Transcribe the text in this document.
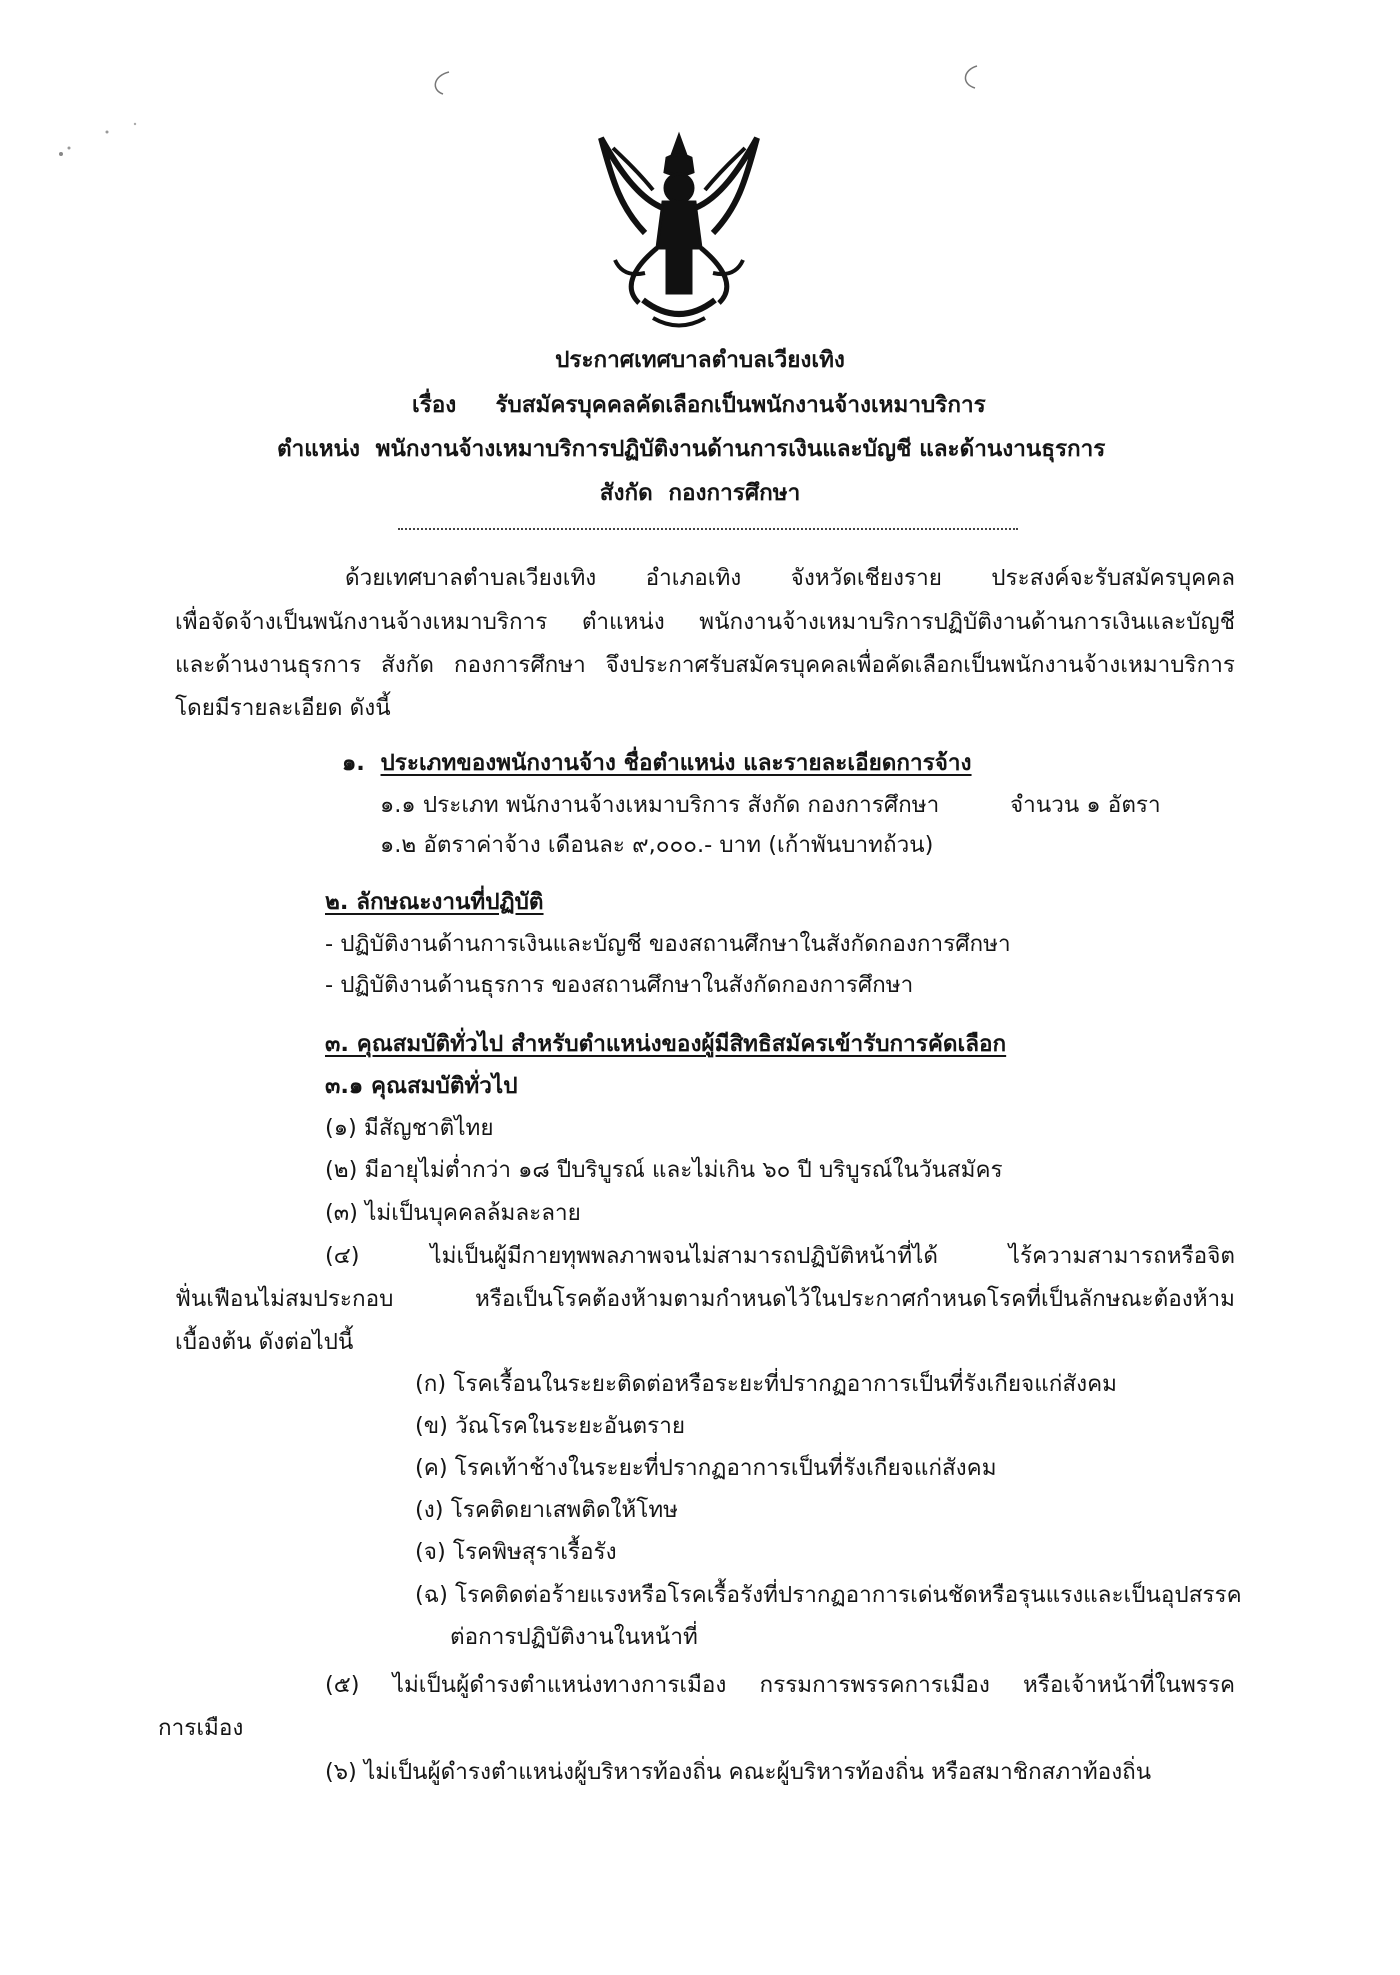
ประกาศเทศบาลตำบลเวียงเทิง
เรื่อง รับสมัครบุคคลคัดเลือกเป็นพนักงานจ้างเหมาบริการ
ตำแหน่ง พนักงานจ้างเหมาบริการปฏิบัติงานด้านการเงินและบัญชี และด้านงานธุรการ
สังกัด กองการศึกษา
ด้วยเทศบาลตำบลเวียงเทิง อำเภอเทิง จังหวัดเชียงราย ประสงค์จะรับสมัครบุคคล
เพื่อจัดจ้างเป็นพนักงานจ้างเหมาบริการ ตำแหน่ง พนักงานจ้างเหมาบริการปฏิบัติงานด้านการเงินและบัญชี
และด้านงานธุรการ สังกัด กองการศึกษา จึงประกาศรับสมัครบุคคลเพื่อคัดเลือกเป็นพนักงานจ้างเหมาบริการ
โดยมีรายละเอียด ดังนี้
๑. ประเภทของพนักงานจ้าง ชื่อตำแหน่ง และรายละเอียดการจ้าง
๑.๑ ประเภท พนักงานจ้างเหมาบริการ สังกัด กองการศึกษา	จำนวน ๑ อัตรา
๑.๒ อัตราค่าจ้าง เดือนละ ๙,๐๐๐.- บาท (เก้าพันบาทถ้วน)
๒. ลักษณะงานที่ปฏิบัติ
- ปฏิบัติงานด้านการเงินและบัญชี ของสถานศึกษาในสังกัดกองการศึกษา
- ปฏิบัติงานด้านธุรการ ของสถานศึกษาในสังกัดกองการศึกษา
๓. คุณสมบัติทั่วไป สำหรับตำแหน่งของผู้มีสิทธิสมัครเข้ารับการคัดเลือก
๓.๑ คุณสมบัติทั่วไป
(๑) มีสัญชาติไทย
(๒) มีอายุไม่ต่ำกว่า ๑๘ ปีบริบูรณ์ และไม่เกิน ๖๐ ปี บริบูรณ์ในวันสมัคร
(๓) ไม่เป็นบุคคลล้มละลาย
(๔) ไม่เป็นผู้มีกายทุพพลภาพจนไม่สามารถปฏิบัติหน้าที่ได้ ไร้ความสามารถหรือจิต
ฟั่นเฟือนไม่สมประกอบ หรือเป็นโรคต้องห้ามตามกำหนดไว้ในประกาศกำหนดโรคที่เป็นลักษณะต้องห้าม
เบื้องต้น ดังต่อไปนี้
(ก) โรคเรื้อนในระยะติดต่อหรือระยะที่ปรากฏอาการเป็นที่รังเกียจแก่สังคม
(ข) วัณโรคในระยะอันตราย
(ค) โรคเท้าช้างในระยะที่ปรากฏอาการเป็นที่รังเกียจแก่สังคม
(ง) โรคติดยาเสพติดให้โทษ
(จ) โรคพิษสุราเรื้อรัง
(ฉ) โรคติดต่อร้ายแรงหรือโรคเรื้อรังที่ปรากฏอาการเด่นชัดหรือรุนแรงและเป็นอุปสรรค
ต่อการปฏิบัติงานในหน้าที่
(๕) ไม่เป็นผู้ดำรงตำแหน่งทางการเมือง กรรมการพรรคการเมือง หรือเจ้าหน้าที่ในพรรค
การเมือง
(๖) ไม่เป็นผู้ดำรงตำแหน่งผู้บริหารท้องถิ่น คณะผู้บริหารท้องถิ่น หรือสมาชิกสภาท้องถิ่น
